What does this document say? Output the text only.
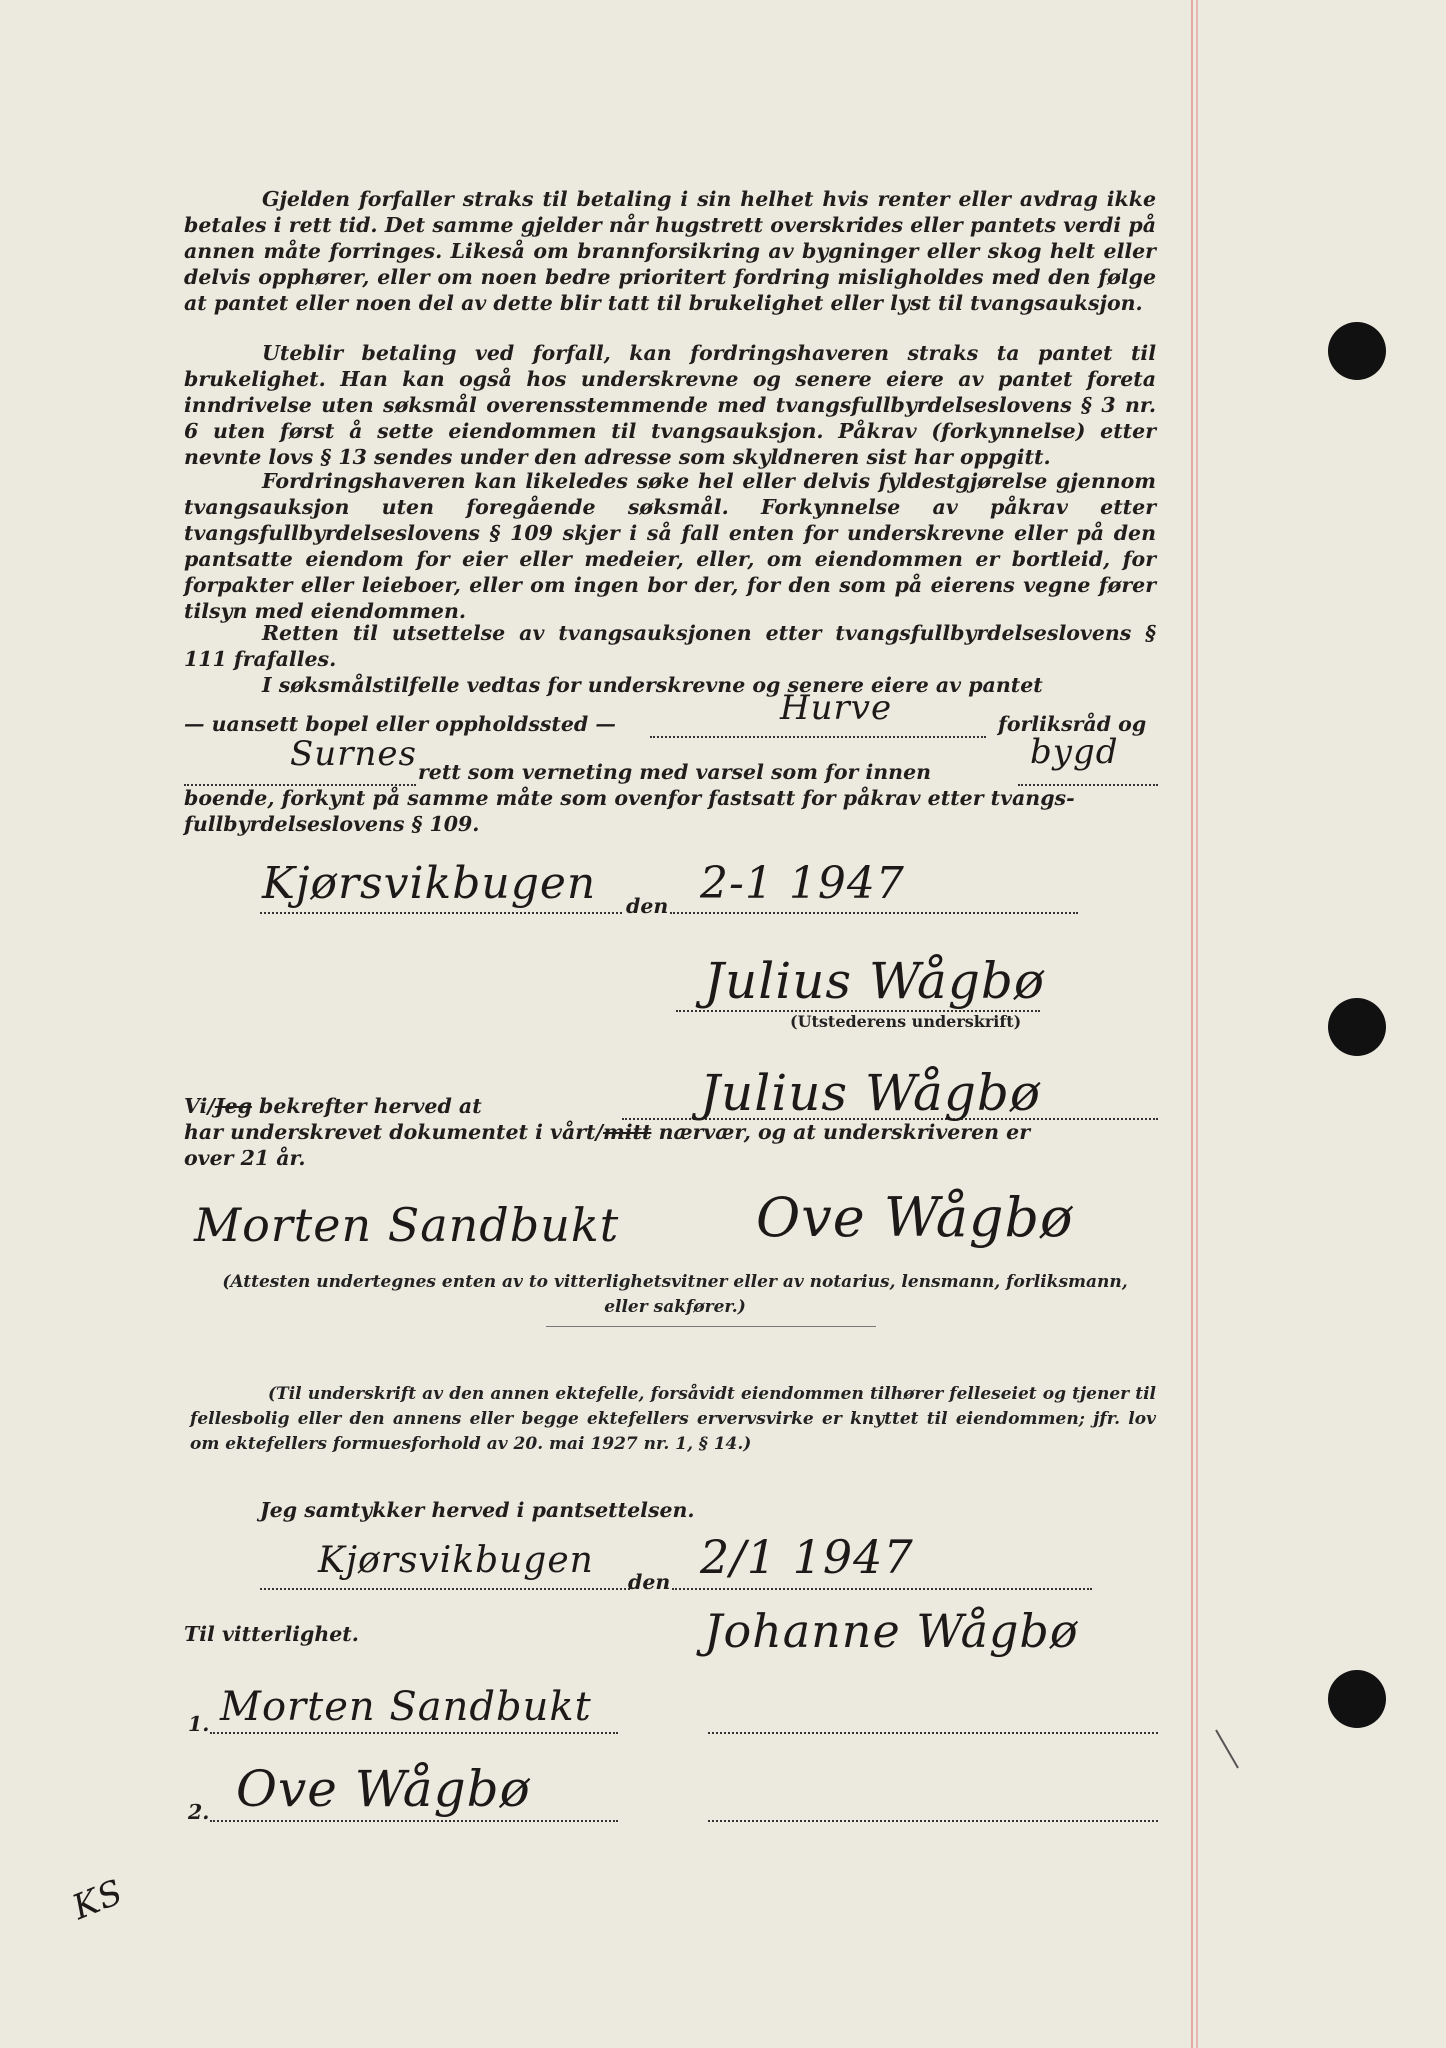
Gjelden forfaller straks til betaling i sin helhet hvis renter eller avdrag ikke betales i rett tid. Det samme gjelder når hugstrett overskrides eller pantets verdi på annen måte forringes. Likeså om brannforsikring av bygninger eller skog helt eller delvis opphører, eller om noen bedre prioritert fordring misligholdes med den følge at pantet eller noen del av dette blir tatt til brukelighet eller lyst til tvangsauksjon.

Uteblir betaling ved forfall, kan fordringshaveren straks ta pantet til brukelighet. Han kan også hos underskrevne og senere eiere av pantet foreta inndrivelse uten søksmål overensstemmende med tvangsfullbyrdelseslovens § 3 nr. 6 uten først å sette eiendommen til tvangsauksjon. Påkrav (forkynnelse) etter nevnte lovs § 13 sendes under den adresse som skyldneren sist har oppgitt.

Fordringshaveren kan likeledes søke hel eller delvis fyldestgjørelse gjennom tvangsauksjon uten foregående søksmål. Forkynnelse av påkrav etter tvangsfullbyrdelseslovens § 109 skjer i så fall enten for underskrevne eller på den pantsatte eiendom for eier eller medeier, eller, om eiendommen er bortleid, for forpakter eller leieboer, eller om ingen bor der, for den som på eierens vegne fører tilsyn med eiendommen.

Retten til utsettelse av tvangsauksjonen etter tvangsfullbyrdelseslovens § 111 frafalles.

I søksmålstilfelle vedtas for underskrevne og senere eiere av pantet

— uansett bopel eller oppholdssted —	Hurve	forliksråd og
Surnes rett som verneting med varsel som for innen	bygd
boende, forkynt på samme måte som ovenfor fastsatt for påkrav etter tvangs-
fullbyrdelseslovens § 109.
Kjørsvikbugen den 2-1 1947
Julius Wågbø
(Utstederens underskrift)
Vi/Jeg bekrefter herved at	Julius Wågbø
har underskrevet dokumentet i vårt/mitt nærvær, og at underskriveren er
over 21 år.
Morten Sandbukt	Ove Wågbø

(Attesten undertegnes enten av to vitterlighetsvitner eller av notarius, lensmann, forliksmann, eller sakfører.)

(Til underskrift av den annen ektefelle, forsåvidt eiendommen tilhører felleseiet og tjener til fellesbolig eller den annens eller begge ektefellers ervervsvirke er knyttet til eiendommen; jfr. lov om ektefellers formuesforhold av 20. mai 1927 nr. 1, § 14.)

Jeg samtykker herved i pantsettelsen.
Kjørsvikbugen
den 2/1 1947
Til vitterlighet.	Johanne Wågbø
1. Morten Sandbukt
2. Ove Wågbø
KS
